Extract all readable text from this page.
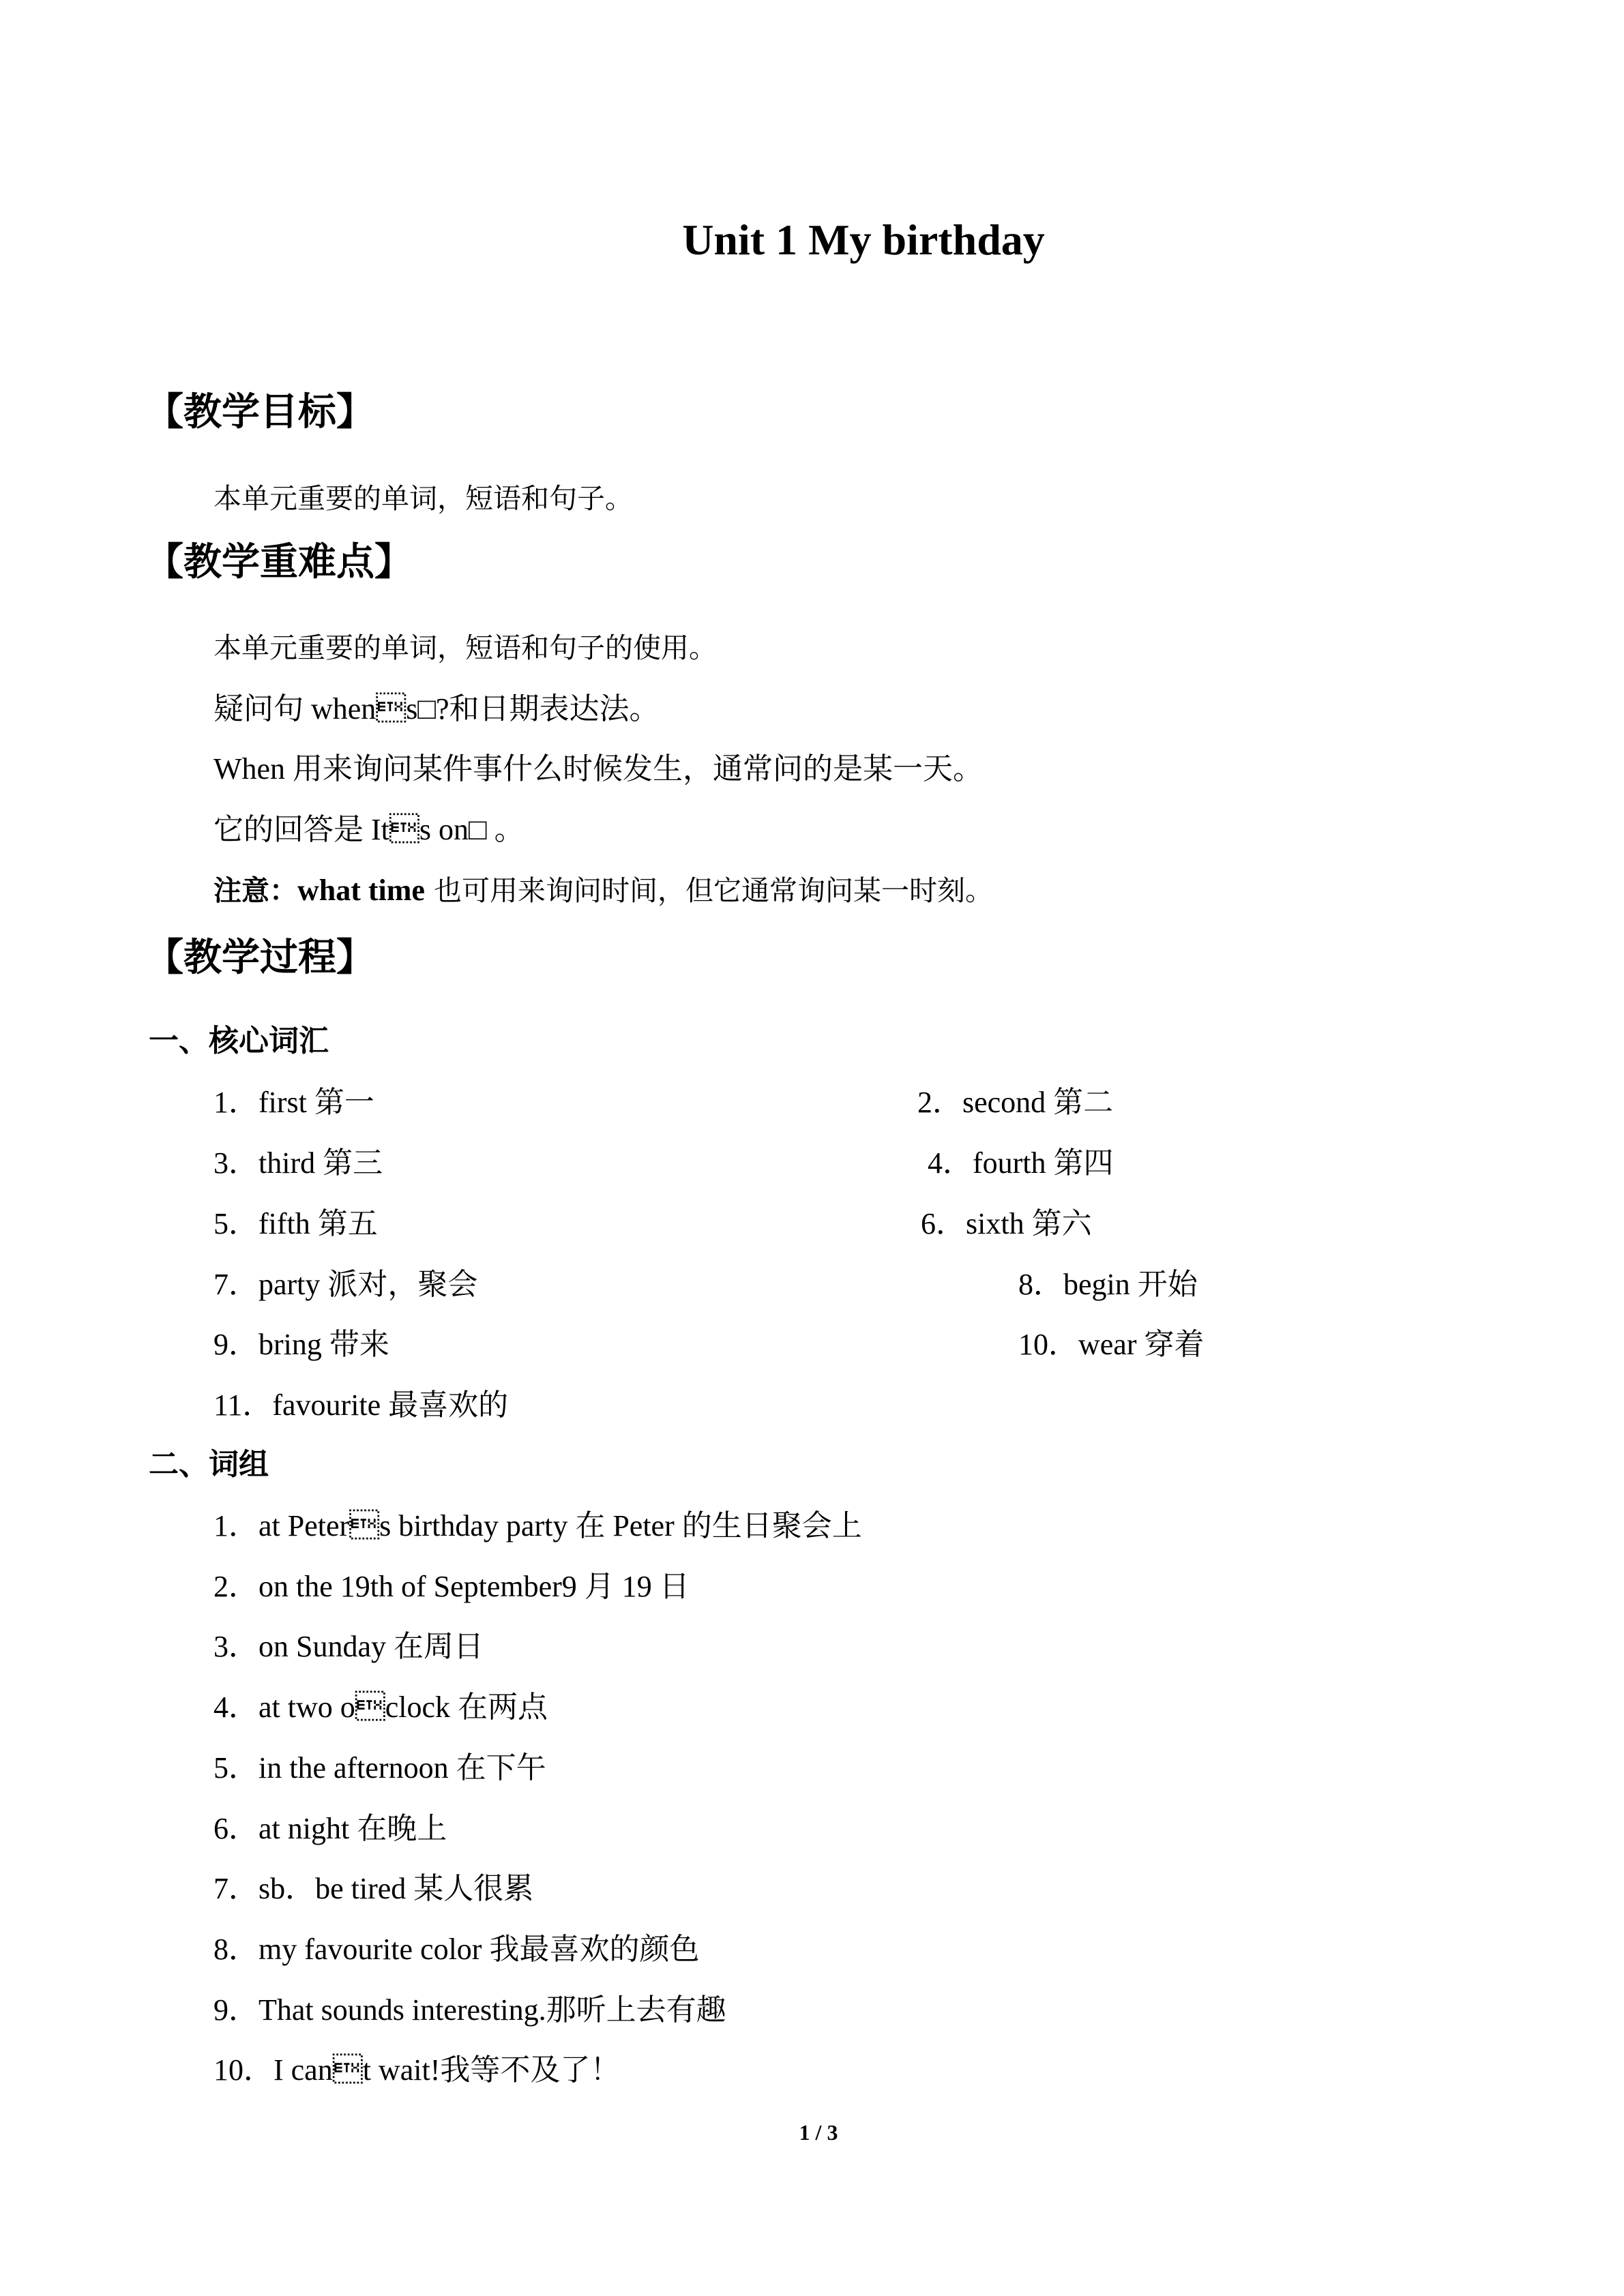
Unit 1 My birthday
【教学目标】
本单元重要的单词，短语和句子。
【教学重难点】
本单元重要的单词，短语和句子的使用。
疑问句 whens□?和日期表达法。
When 用来询问某件事什么时候发生，通常问的是某一天。
它的回答是 Its on□ 。
注意：what time 也可用来询问时间，但它通常询问某一时刻。
【教学过程】
一、核心词汇
1．first 第一	2．second 第二
3．third 第三	4．fourth 第四
5．fifth 第五	6．sixth 第六
7．party 派对，聚会	8．begin 开始
9．bring 带来	10．wear 穿着
11．favourite 最喜欢的
二、词组
1．at Peters birthday party 在 Peter 的生日聚会上
2．on the 19th of September9 月 19 日
3．on Sunday 在周日
4．at two oclock 在两点
5．in the afternoon 在下午
6．at night 在晚上
7．sb．be tired 某人很累
8．my favourite color 我最喜欢的颜色
9．That sounds interesting.那听上去有趣
10．I cant wait!我等不及了！
1 / 3
